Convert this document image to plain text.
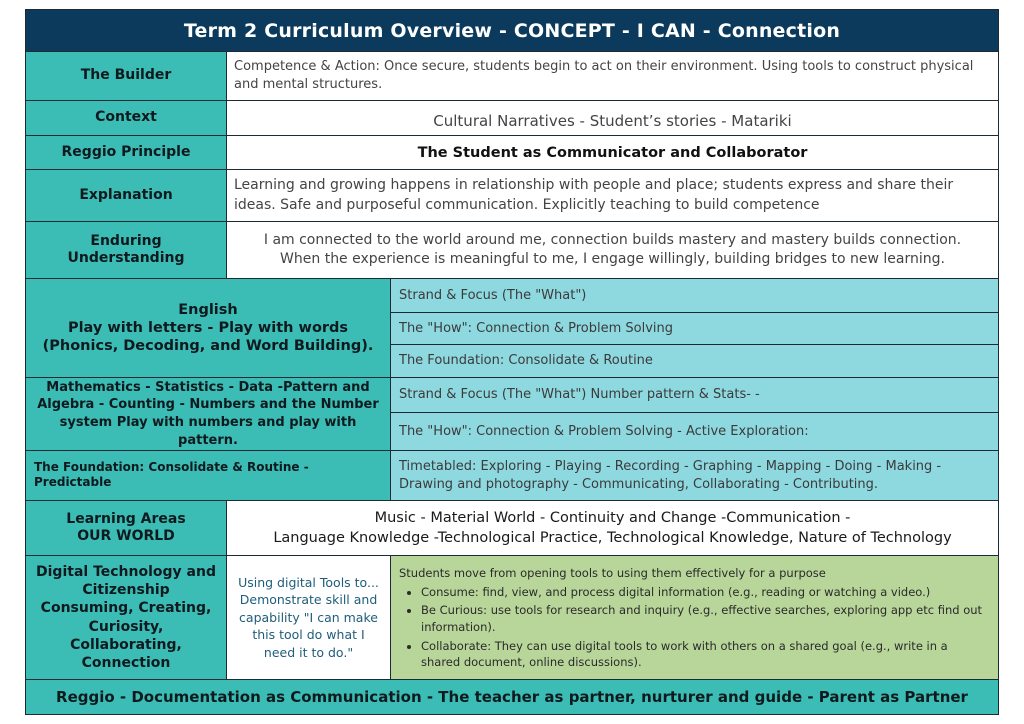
Term 2 Curriculum Overview - CONCEPT - I CAN - Connection
The Builder
Competence & Action: Once secure, students begin to act on their environment. Using tools to construct physical and mental structures.
Context	Cultural Narratives - Student’s stories - Matariki
Reggio Principle	The Student as Communicator and Collaborator
Explanation
Learning and growing happens in relationship with people and place; students express and share their ideas. Safe and purposeful communication. Explicitly teaching to build competence
Enduring Understanding
I am connected to the world around me, connection builds mastery and mastery builds connection.
When the experience is meaningful to me, I engage willingly, building bridges to new learning.
English
Play with letters - Play with words
(Phonics, Decoding, and Word Building).
Strand & Focus (The "What")
The "How": Connection & Problem Solving
The Foundation: Consolidate & Routine
Mathematics - Statistics - Data -Pattern and
Algebra - Counting - Numbers and the Number
system Play with numbers and play with pattern.
Strand & Focus (The "What") Number pattern & Stats- -
The "How": Connection & Problem Solving - Active Exploration:
The Foundation: Consolidate & Routine - Predictable
Timetabled: Exploring - Playing - Recording - Graphing - Mapping - Doing - Making - Drawing and photography - Communicating, Collaborating - Contributing.
Learning Areas
OUR WORLD
Music - Material World - Continuity and Change -Communication -
Language Knowledge -Technological Practice, Technological Knowledge, Nature of Technology
Digital Technology and
Citizenship
Consuming, Creating,
Curiosity, Collaborating,
Connection
Using digital Tools to...
Demonstrate skill and
capability "I can make
this tool do what I
need it to do."
Students move from opening tools to using them effectively for a purpose
• Consume: find, view, and process digital information (e.g., reading or watching a video.)
• Be Curious: use tools for research and inquiry (e.g., effective searches, exploring app etc find out information).
• Collaborate: They can use digital tools to work with others on a shared goal (e.g., write in a shared document, online discussions).
Reggio - Documentation as Communication - The teacher as partner, nurturer and guide - Parent as Partner
